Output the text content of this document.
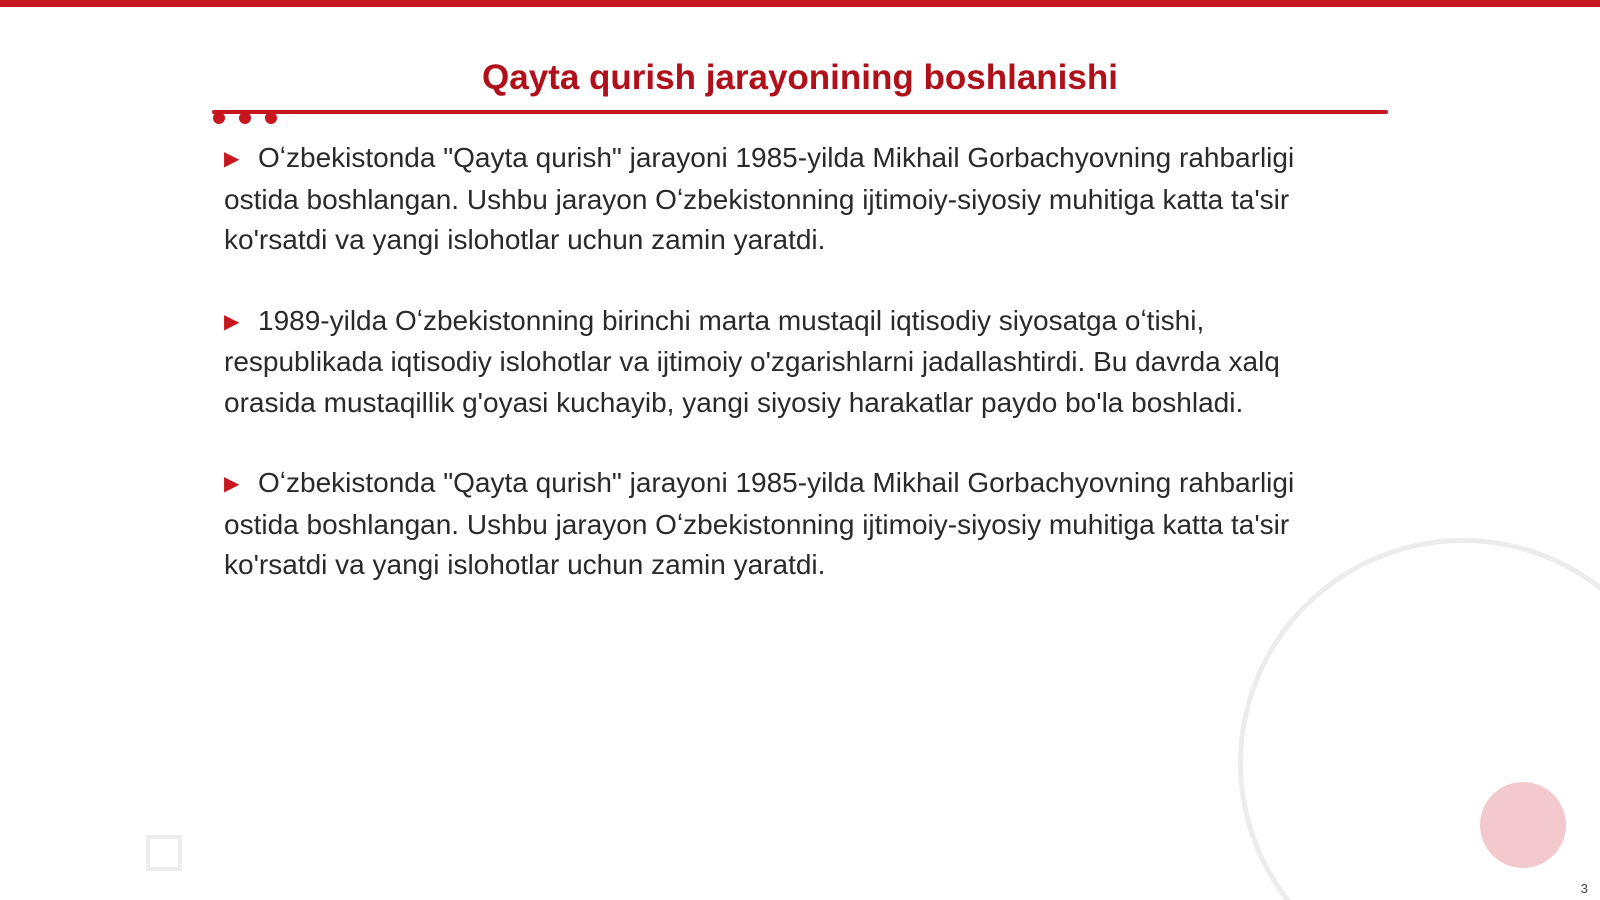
Qayta qurish jarayonining boshlanishi

▶ Oʻzbekistonda "Qayta qurish" jarayoni 1985-yilda Mikhail Gorbachyovning rahbarligi ostida boshlangan. Ushbu jarayon Oʻzbekistonning ijtimoiy-siyosiy muhitiga katta ta'sir ko'rsatdi va yangi islohotlar uchun zamin yaratdi.

▶ 1989-yilda Oʻzbekistonning birinchi marta mustaqil iqtisodiy siyosatga oʻtishi, respublikada iqtisodiy islohotlar va ijtimoiy o'zgarishlarni jadallashtirdi. Bu davrda xalq orasida mustaqillik g'oyasi kuchayib, yangi siyosiy harakatlar paydo bo'la boshladi.

▶ Oʻzbekistonda "Qayta qurish" jarayoni 1985-yilda Mikhail Gorbachyovning rahbarligi ostida boshlangan. Ushbu jarayon Oʻzbekistonning ijtimoiy-siyosiy muhitiga katta ta'sir ko'rsatdi va yangi islohotlar uchun zamin yaratdi.

3
